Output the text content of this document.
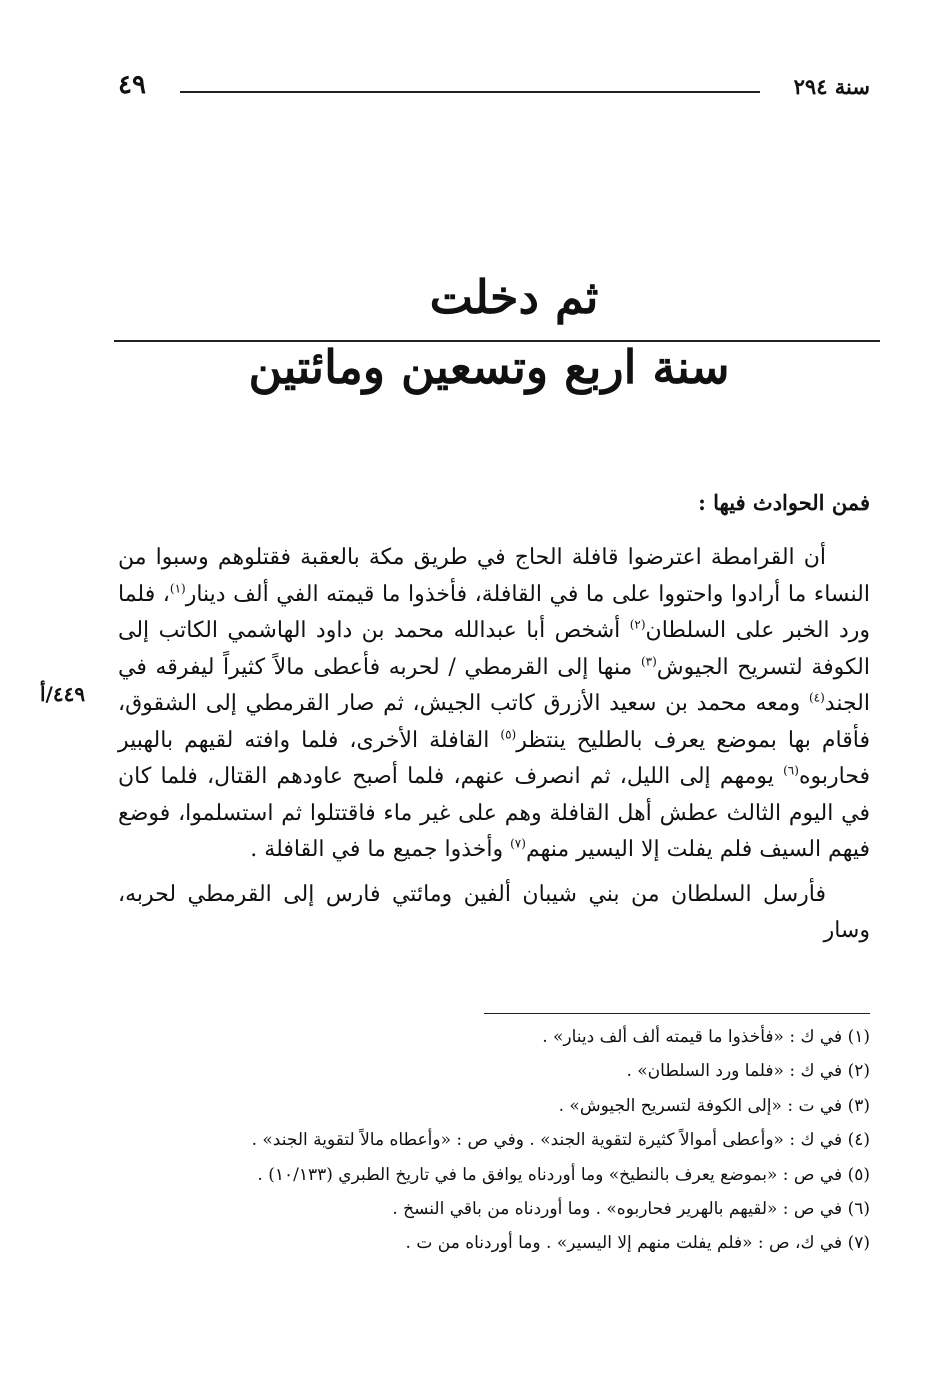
سنة ٢٩٤
٤٩
ثم دخلت
سنة اربع وتسعين ومائتين
فمن الحوادث فيها :
٤٤٩/أ

أن القرامطة اعترضوا قافلة الحاج في طريق مكة بالعقبة فقتلوهم وسبوا من النساء ما أرادوا واحتووا على ما في القافلة، فأخذوا ما قيمته الفي ألف دينار$^{(١)}$، فلما ورد الخبر على السلطان$^{(٢)}$ أشخص أبا عبدالله محمد بن داود الهاشمي الكاتب إلى الكوفة لتسريح الجيوش$^{(٣)}$ منها إلى القرمطي / لحربه فأعطى مالاً كثيراً ليفرقه في الجند$^{(٤)}$ ومعه محمد بن سعيد الأزرق كاتب الجيش، ثم صار القرمطي إلى الشقوق، فأقام بها بموضع يعرف بالطليح ينتظر$^{(٥)}$ القافلة الأخرى، فلما وافته لقيهم بالهبير فحاربوه$^{(٦)}$ يومهم إلى الليل، ثم انصرف عنهم، فلما أصبح عاودهم القتال، فلما كان في اليوم الثالث عطش أهل القافلة وهم على غير ماء فاقتتلوا ثم استسلموا، فوضع فيهم السيف فلم يفلت إلا اليسير منهم$^{(٧)}$ وأخذوا جميع ما في القافلة .

فأرسل السلطان من بني شيبان ألفين ومائتي فارس إلى القرمطي لحربه، وسار

(١) في ك : «فأخذوا ما قيمته ألف ألف دينار» .

(٢) في ك : «فلما ورد السلطان» .

(٣) في ت : «إلى الكوفة لتسريح الجيوش» .

(٤) في ك : «وأعطى أموالاً كثيرة لتقوية الجند» . وفي ص : «وأعطاه مالاً لتقوية الجند» .

(٥) في ص : «بموضع يعرف بالنطيخ» وما أوردناه يوافق ما في تاريخ الطبري (١٠/١٣٣) .

(٦) في ص : «لقيهم بالهرير فحاربوه» . وما أوردناه من باقي النسخ .

(٧) في ك، ص : «فلم يفلت منهم إلا اليسير» . وما أوردناه من ت .
